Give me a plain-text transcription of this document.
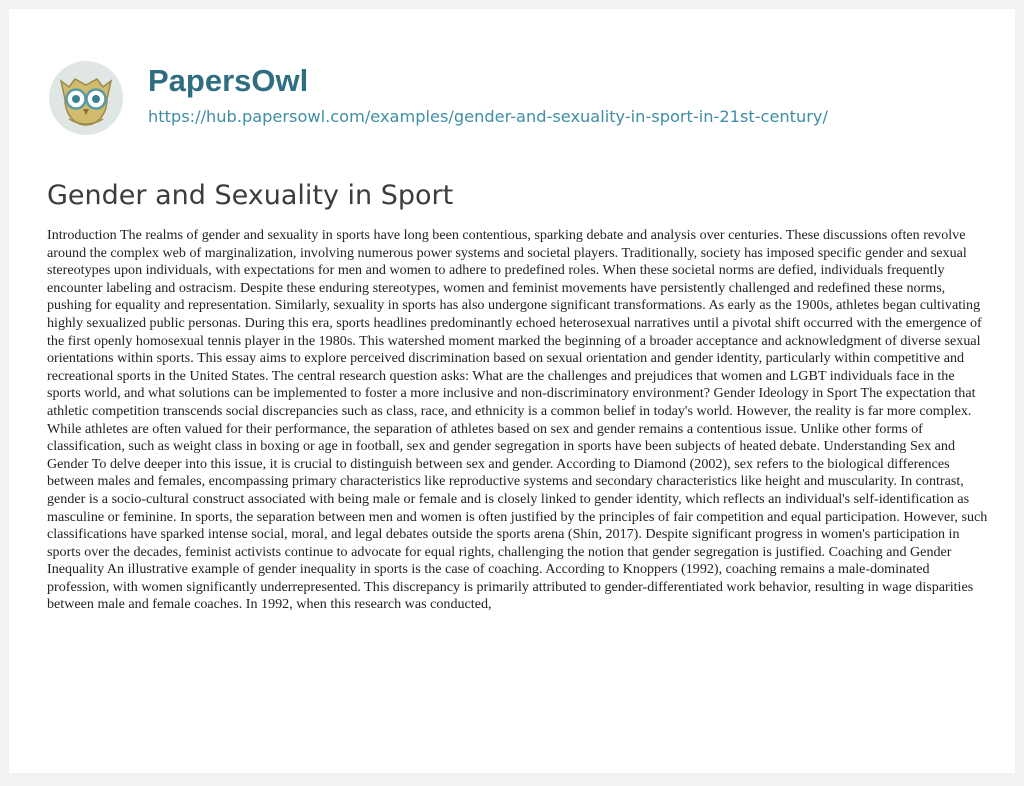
PapersOwl
https://hub.papersowl.com/examples/gender-and-sexuality-in-sport-in-21st-century/
Gender and Sexuality in Sport

Introduction The realms of gender and sexuality in sports have long been contentious, sparking debate and analysis over centuries. These discussions often revolve around the complex web of marginalization, involving numerous power systems and societal players. Traditionally, society has imposed specific gender and sexual stereotypes upon individuals, with expectations for men and women to adhere to predefined roles. When these societal norms are defied, individuals frequently encounter labeling and ostracism. Despite these enduring stereotypes, women and feminist movements have persistently challenged and redefined these norms, pushing for equality and representation. Similarly, sexuality in sports has also undergone significant transformations. As early as the 1900s, athletes began cultivating highly sexualized public personas. During this era, sports headlines predominantly echoed heterosexual narratives until a pivotal shift occurred with the emergence of the first openly homosexual tennis player in the 1980s. This watershed moment marked the beginning of a broader acceptance and acknowledgment of diverse sexual orientations within sports. This essay aims to explore perceived discrimination based on sexual orientation and gender identity, particularly within competitive and recreational sports in the United States. The central research question asks: What are the challenges and prejudices that women and LGBT individuals face in the sports world, and what solutions can be implemented to foster a more inclusive and non-discriminatory environment? Gender Ideology in Sport The expectation that athletic competition transcends social discrepancies such as class, race, and ethnicity is a common belief in today's world. However, the reality is far more complex. While athletes are often valued for their performance, the separation of athletes based on sex and gender remains a contentious issue. Unlike other forms of classification, such as weight class in boxing or age in football, sex and gender segregation in sports have been subjects of heated debate. Understanding Sex and Gender To delve deeper into this issue, it is crucial to distinguish between sex and gender. According to Diamond (2002), sex refers to the biological differences between males and females, encompassing primary characteristics like reproductive systems and secondary characteristics like height and muscularity. In contrast, gender is a socio-cultural construct associated with being male or female and is closely linked to gender identity, which reflects an individual's self-identification as masculine or feminine. In sports, the separation between men and women is often justified by the principles of fair competition and equal participation. However, such classifications have sparked intense social, moral, and legal debates outside the sports arena (Shin, 2017). Despite significant progress in women's participation in sports over the decades, feminist activists continue to advocate for equal rights, challenging the notion that gender segregation is justified. Coaching and Gender Inequality An illustrative example of gender inequality in sports is the case of coaching. According to Knoppers (1992), coaching remains a male-dominated profession, with women significantly underrepresented. This discrepancy is primarily attributed to gender-differentiated work behavior, resulting in wage disparities between male and female coaches. In 1992, when this research was conducted,
